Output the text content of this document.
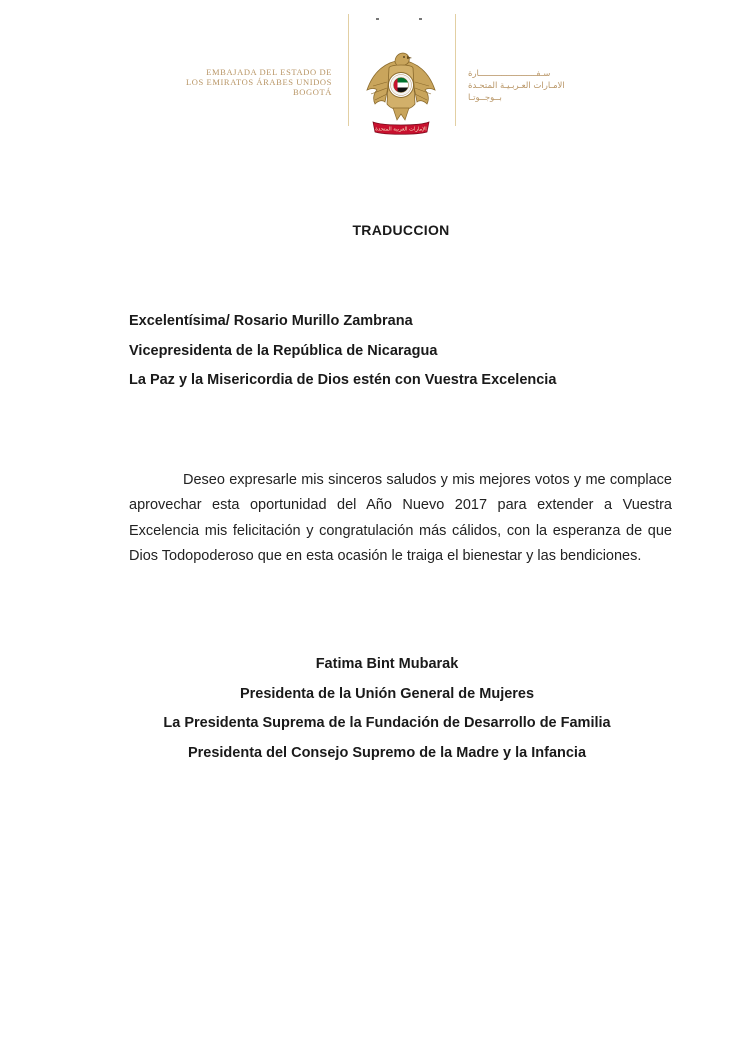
EMBAJADA DEL ESTADO DE
LOS EMIRATOS ÁRABES UNIDOS
BOGOTÁ
سـفـــــــــــــــــــــــارة
الامـارات العـربـيـة المتحـدة
بــوجــوتـا
الإمارات العربية المتحدة
TRADUCCION
Excelentísima/ Rosario Murillo Zambrana
Vicepresidenta de la República de Nicaragua
La Paz y la Misericordia de Dios estén con Vuestra Excelencia

Deseo expresarle mis sinceros saludos y mis mejores votos y me complace aprovechar esta oportunidad del Año Nuevo 2017 para extender a Vuestra Excelencia mis felicitación y congratulación más cálidos, con la esperanza de que Dios Todopoderoso que en esta ocasión le traiga el bienestar y las bendiciones.

Fatima Bint Mubarak
Presidenta de la Unión General de Mujeres
La Presidenta Suprema de la Fundación de Desarrollo de Familia
Presidenta del Consejo Supremo de la Madre y la Infancia
